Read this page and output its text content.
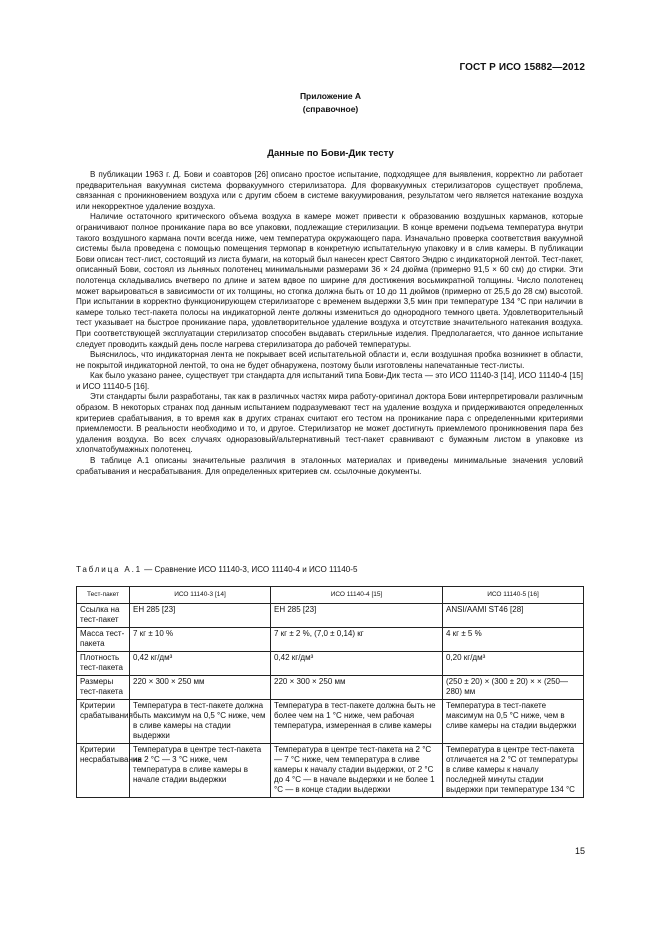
ГОСТ Р ИСО 15882—2012
Приложение А
(справочное)
Данные по Бови-Дик тесту

В публикации 1963 г. Д. Бови и соавторов [26] описано простое испытание, подходящее для выявления, корректно ли работает предварительная вакуумная система форвакуумного стерилизатора. Для форвакуумных стерилизаторов существует проблема, связанная с проникновением воздуха или с другим сбоем в системе вакуумирования, результатом чего является натекание воздуха или некорректное удаление воздуха.

Наличие остаточного критического объема воздуха в камере может привести к образованию воздушных карманов, которые ограничивают полное проникание пара во все упаковки, подлежащие стерилизации. В конце времени подъема температура внутри такого воздушного кармана почти всегда ниже, чем температура окружающего пара. Изначально проверка соответствия вакуумной системы была проведена с помощью помещения термопар в конкретную испытательную упаковку и в слив камеры. В публикации Бови описан тест-лист, состоящий из листа бумаги, на который был нанесен крест Святого Эндрю с индикаторной лентой. Тест-пакет, описанный Бови, состоял из льняных полотенец минимальными размерами 36 × 24 дюйма (примерно 91,5 × 60 см) до стирки. Эти полотенца складывались вчетверо по длине и затем вдвое по ширине для достижения восьмикратной толщины. Число полотенец может варьироваться в зависимости от их толщины, но стопка должна быть от 10 до 11 дюймов (примерно от 25,5 до 28 см) высотой. При испытании в корректно функционирующем стерилизаторе с временем выдержки 3,5 мин при температуре 134 °С при наличии в камере только тест-пакета полосы на индикаторной ленте должны измениться до однородного темного цвета. Удовлетворительный тест указывает на быстрое проникание пара, удовлетворительное удаление воздуха и отсутствие значительного натекания воздуха. При соответствующей эксплуатации стерилизатор способен выдавать стерильные изделия. Предполагается, что данное испытание следует проводить каждый день после нагрева стерилизатора до рабочей температуры.

Выяснилось, что индикаторная лента не покрывает всей испытательной области и, если воздушная пробка возникнет в области, не покрытой индикаторной лентой, то она не будет обнаружена, поэтому были изготовлены напечатанные тест-листы.

Как было указано ранее, существует три стандарта для испытаний типа Бови-Дик теста — это ИСО 11140-3 [14], ИСО 11140-4 [15] и ИСО 11140-5 [16].

Эти стандарты были разработаны, так как в различных частях мира работу-оригинал доктора Бови интерпретировали различным образом. В некоторых странах под данным испытанием подразумевают тест на удаление воздуха и придерживаются определенных критериев срабатывания, в то время как в других странах считают его тестом на проникание пара с определенными критериями приемлемости. В реальности необходимо и то, и другое. Стерилизатор не может достигнуть приемлемого проникновения пара без удаления воздуха. Во всех случаях одноразовый/альтернативный тест-пакет сравнивают с бумажным листом в упаковке из хлопчатобумажных полотенец.

В таблице А.1 описаны значительные различия в эталонных материалах и приведены минимальные значения условий срабатывания и несрабатывания. Для определенных критериев см. ссылочные документы.

Таблица А.1 — Сравнение ИСО 11140-3, ИСО 11140-4 и ИСО 11140-5
Тест-пакет	ИСО 11140-3 [14]	ИСО 11140-4 [15]	ИСО 11140-5 [16]
Ссылка на тест-пакет	ЕН 285 [23]	ЕН 285 [23]	ANSI/AAMI ST46 [28]
Масса тест-пакета	7 кг ± 10 %	7 кг ± 2 %, (7,0 ± 0,14) кг	4 кг ± 5 %
Плотность тест-пакета	0,42 кг/дм³	0,42 кг/дм³	0,20 кг/дм³
Размеры тест-пакета	220 × 300 × 250 мм	220 × 300 × 250 мм	(250 ± 20) × (300 ± 20) × × (250—280) мм
Критерии срабатывания	Температура в тест-пакете должна быть максимум на 0,5 °С ниже, чем в сливе камеры на стадии выдержки	Температура в тест-пакете должна быть не более чем на 1 °С ниже, чем рабочая температура, измеренная в сливе камеры	Температура в тест-пакете максимум на 0,5 °С ниже, чем в сливе камеры на стадии выдержки
Критерии несрабатывания	Температура в центре тест-пакета на 2 °С — 3 °С ниже, чем температура в сливе камеры в начале стадии выдержки	Температура в центре тест-пакета на 2 °С — 7 °С ниже, чем температура в сливе камеры к началу стадии выдержки, от 2 °С до 4 °С — в начале выдержки и не более 1 °С — в конце стадии выдержки	Температура в центре тест-пакета отличается на 2 °С от температуры в сливе камеры к началу последней минуты стадии выдержки при температуре 134 °С
15
